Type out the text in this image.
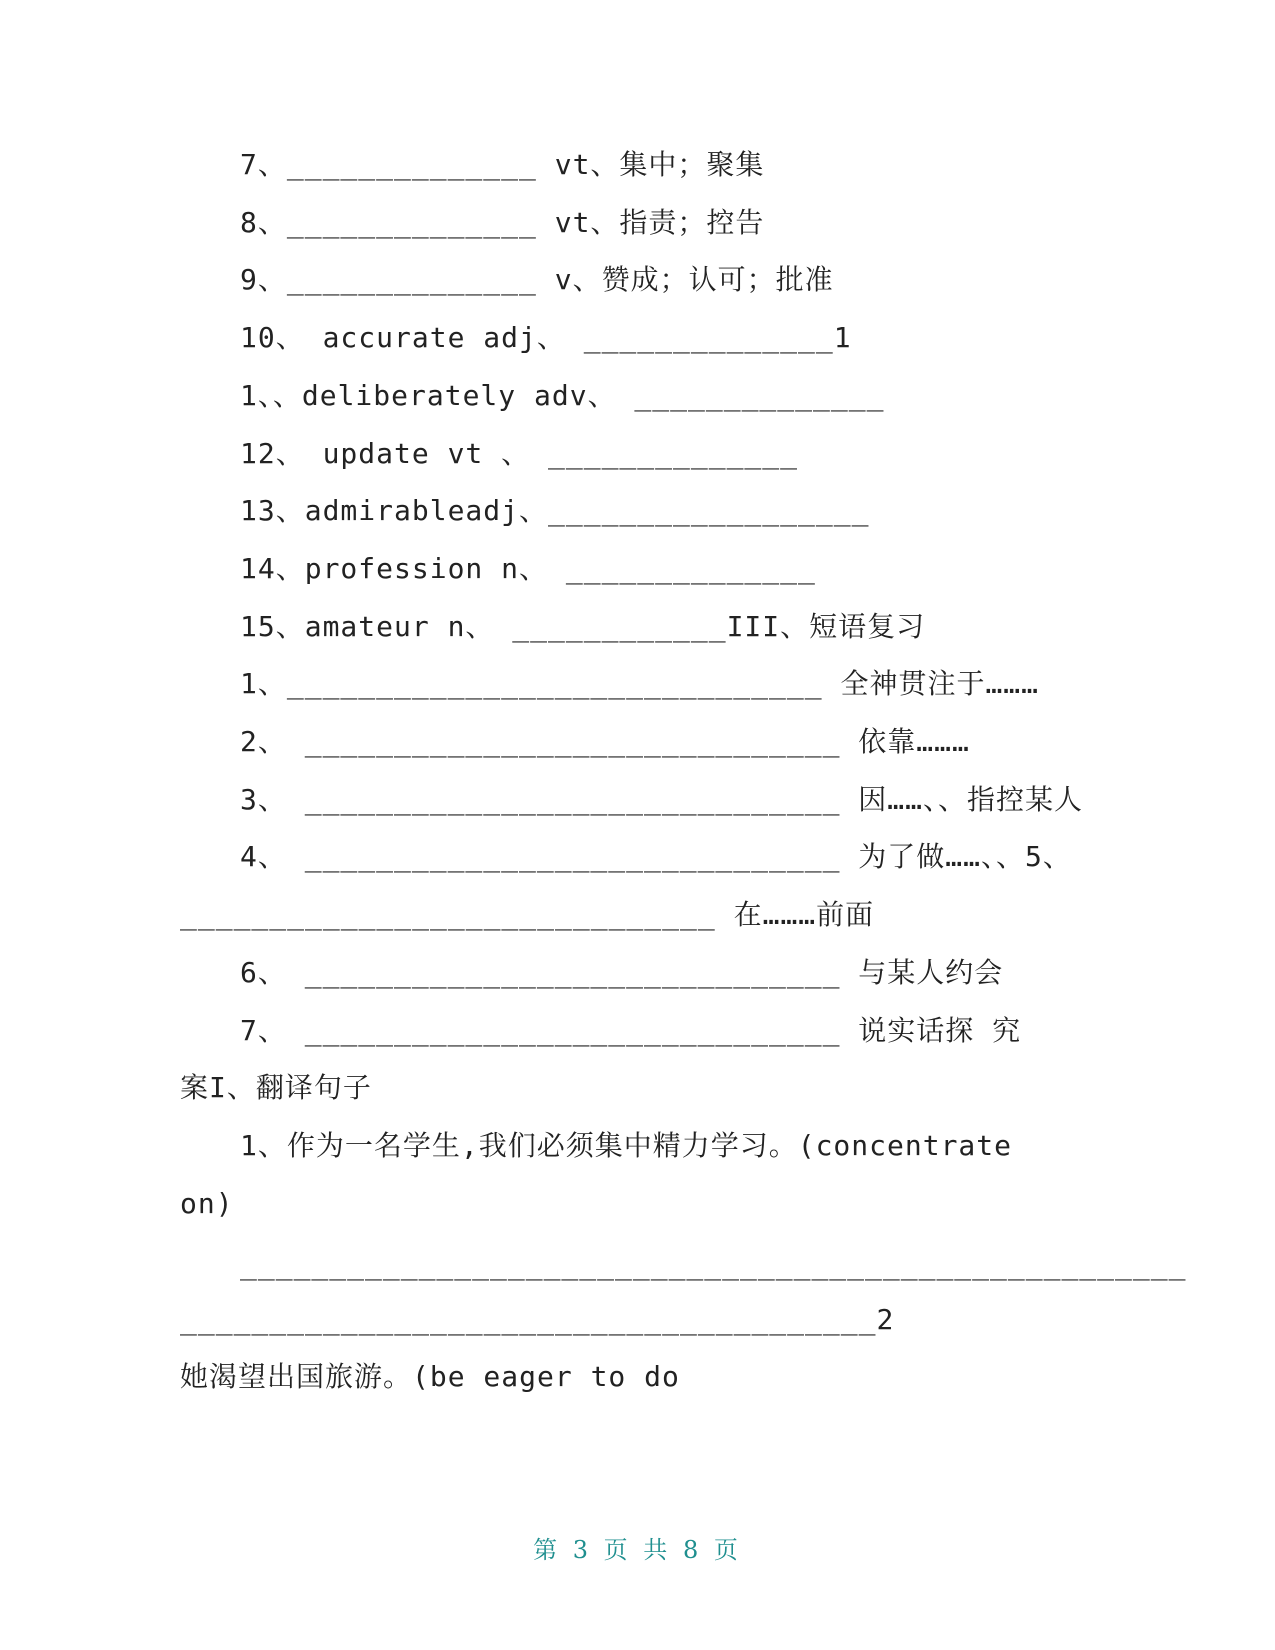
7、______________ vt、集中；聚集
8、______________ vt、指责；控告
9、______________ v、赞成；认可；批准
10、 accurate adj、 ______________1
1、、deliberately adv、 ______________
12、 update vt 、 ______________
13、admirableadj、__________________
14、profession n、 ______________
15、amateur n、 ____________III、短语复习
1、______________________________ 全神贯注于………
2、 ______________________________ 依靠………
3、 ______________________________ 因……、、指控某人
4、 ______________________________ 为了做……、、5、
______________________________ 在………前面
6、 ______________________________ 与某人约会
7、 ______________________________ 说实话探 究
案I、翻译句子
1、作为一名学生,我们必须集中精力学习。(concentrate
on)
_____________________________________________________
_______________________________________2
她渴望出国旅游。(be eager to do
第 3 页 共 8 页
